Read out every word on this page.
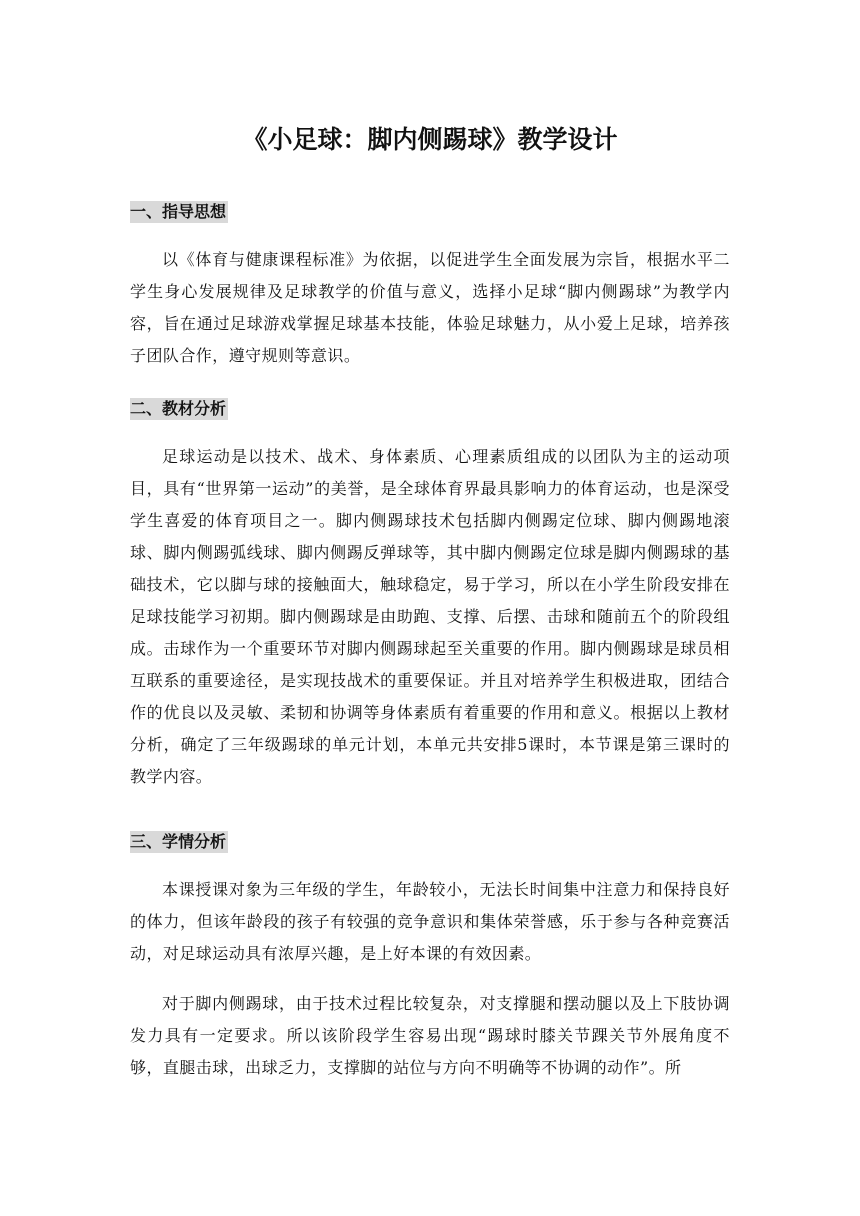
《小足球：脚内侧踢球》教学设计
一、指导思想

以《体育与健康课程标准》为依据，以促进学生全面发展为宗旨，根据水平二学生身心发展规律及足球教学的价值与意义，选择小足球“脚内侧踢球”为教学内容，旨在通过足球游戏掌握足球基本技能，体验足球魅力，从小爱上足球，培养孩子团队合作，遵守规则等意识。

二、教材分析

足球运动是以技术、战术、身体素质、心理素质组成的以团队为主的运动项目，具有“世界第一运动”的美誉，是全球体育界最具影响力的体育运动，也是深受学生喜爱的体育项目之一。脚内侧踢球技术包括脚内侧踢定位球、脚内侧踢地滚球、脚内侧踢弧线球、脚内侧踢反弹球等，其中脚内侧踢定位球是脚内侧踢球的基础技术，它以脚与球的接触面大，触球稳定，易于学习，所以在小学生阶段安排在足球技能学习初期。脚内侧踢球是由助跑、支撑、后摆、击球和随前五个的阶段组成。击球作为一个重要环节对脚内侧踢球起至关重要的作用。脚内侧踢球是球员相互联系的重要途径，是实现技战术的重要保证。并且对培养学生积极进取，团结合作的优良以及灵敏、柔韧和协调等身体素质有着重要的作用和意义。根据以上教材分析，确定了三年级踢球的单元计划，本单元共安排5课时，本节课是第三课时的教学内容。

三、学情分析

本课授课对象为三年级的学生，年龄较小，无法长时间集中注意力和保持良好的体力，但该年龄段的孩子有较强的竞争意识和集体荣誉感，乐于参与各种竞赛活动，对足球运动具有浓厚兴趣，是上好本课的有效因素。

对于脚内侧踢球，由于技术过程比较复杂，对支撑腿和摆动腿以及上下肢协调发力具有一定要求。所以该阶段学生容易出现“踢球时膝关节踝关节外展角度不够，直腿击球，出球乏力，支撑脚的站位与方向不明确等不协调的动作”。所
